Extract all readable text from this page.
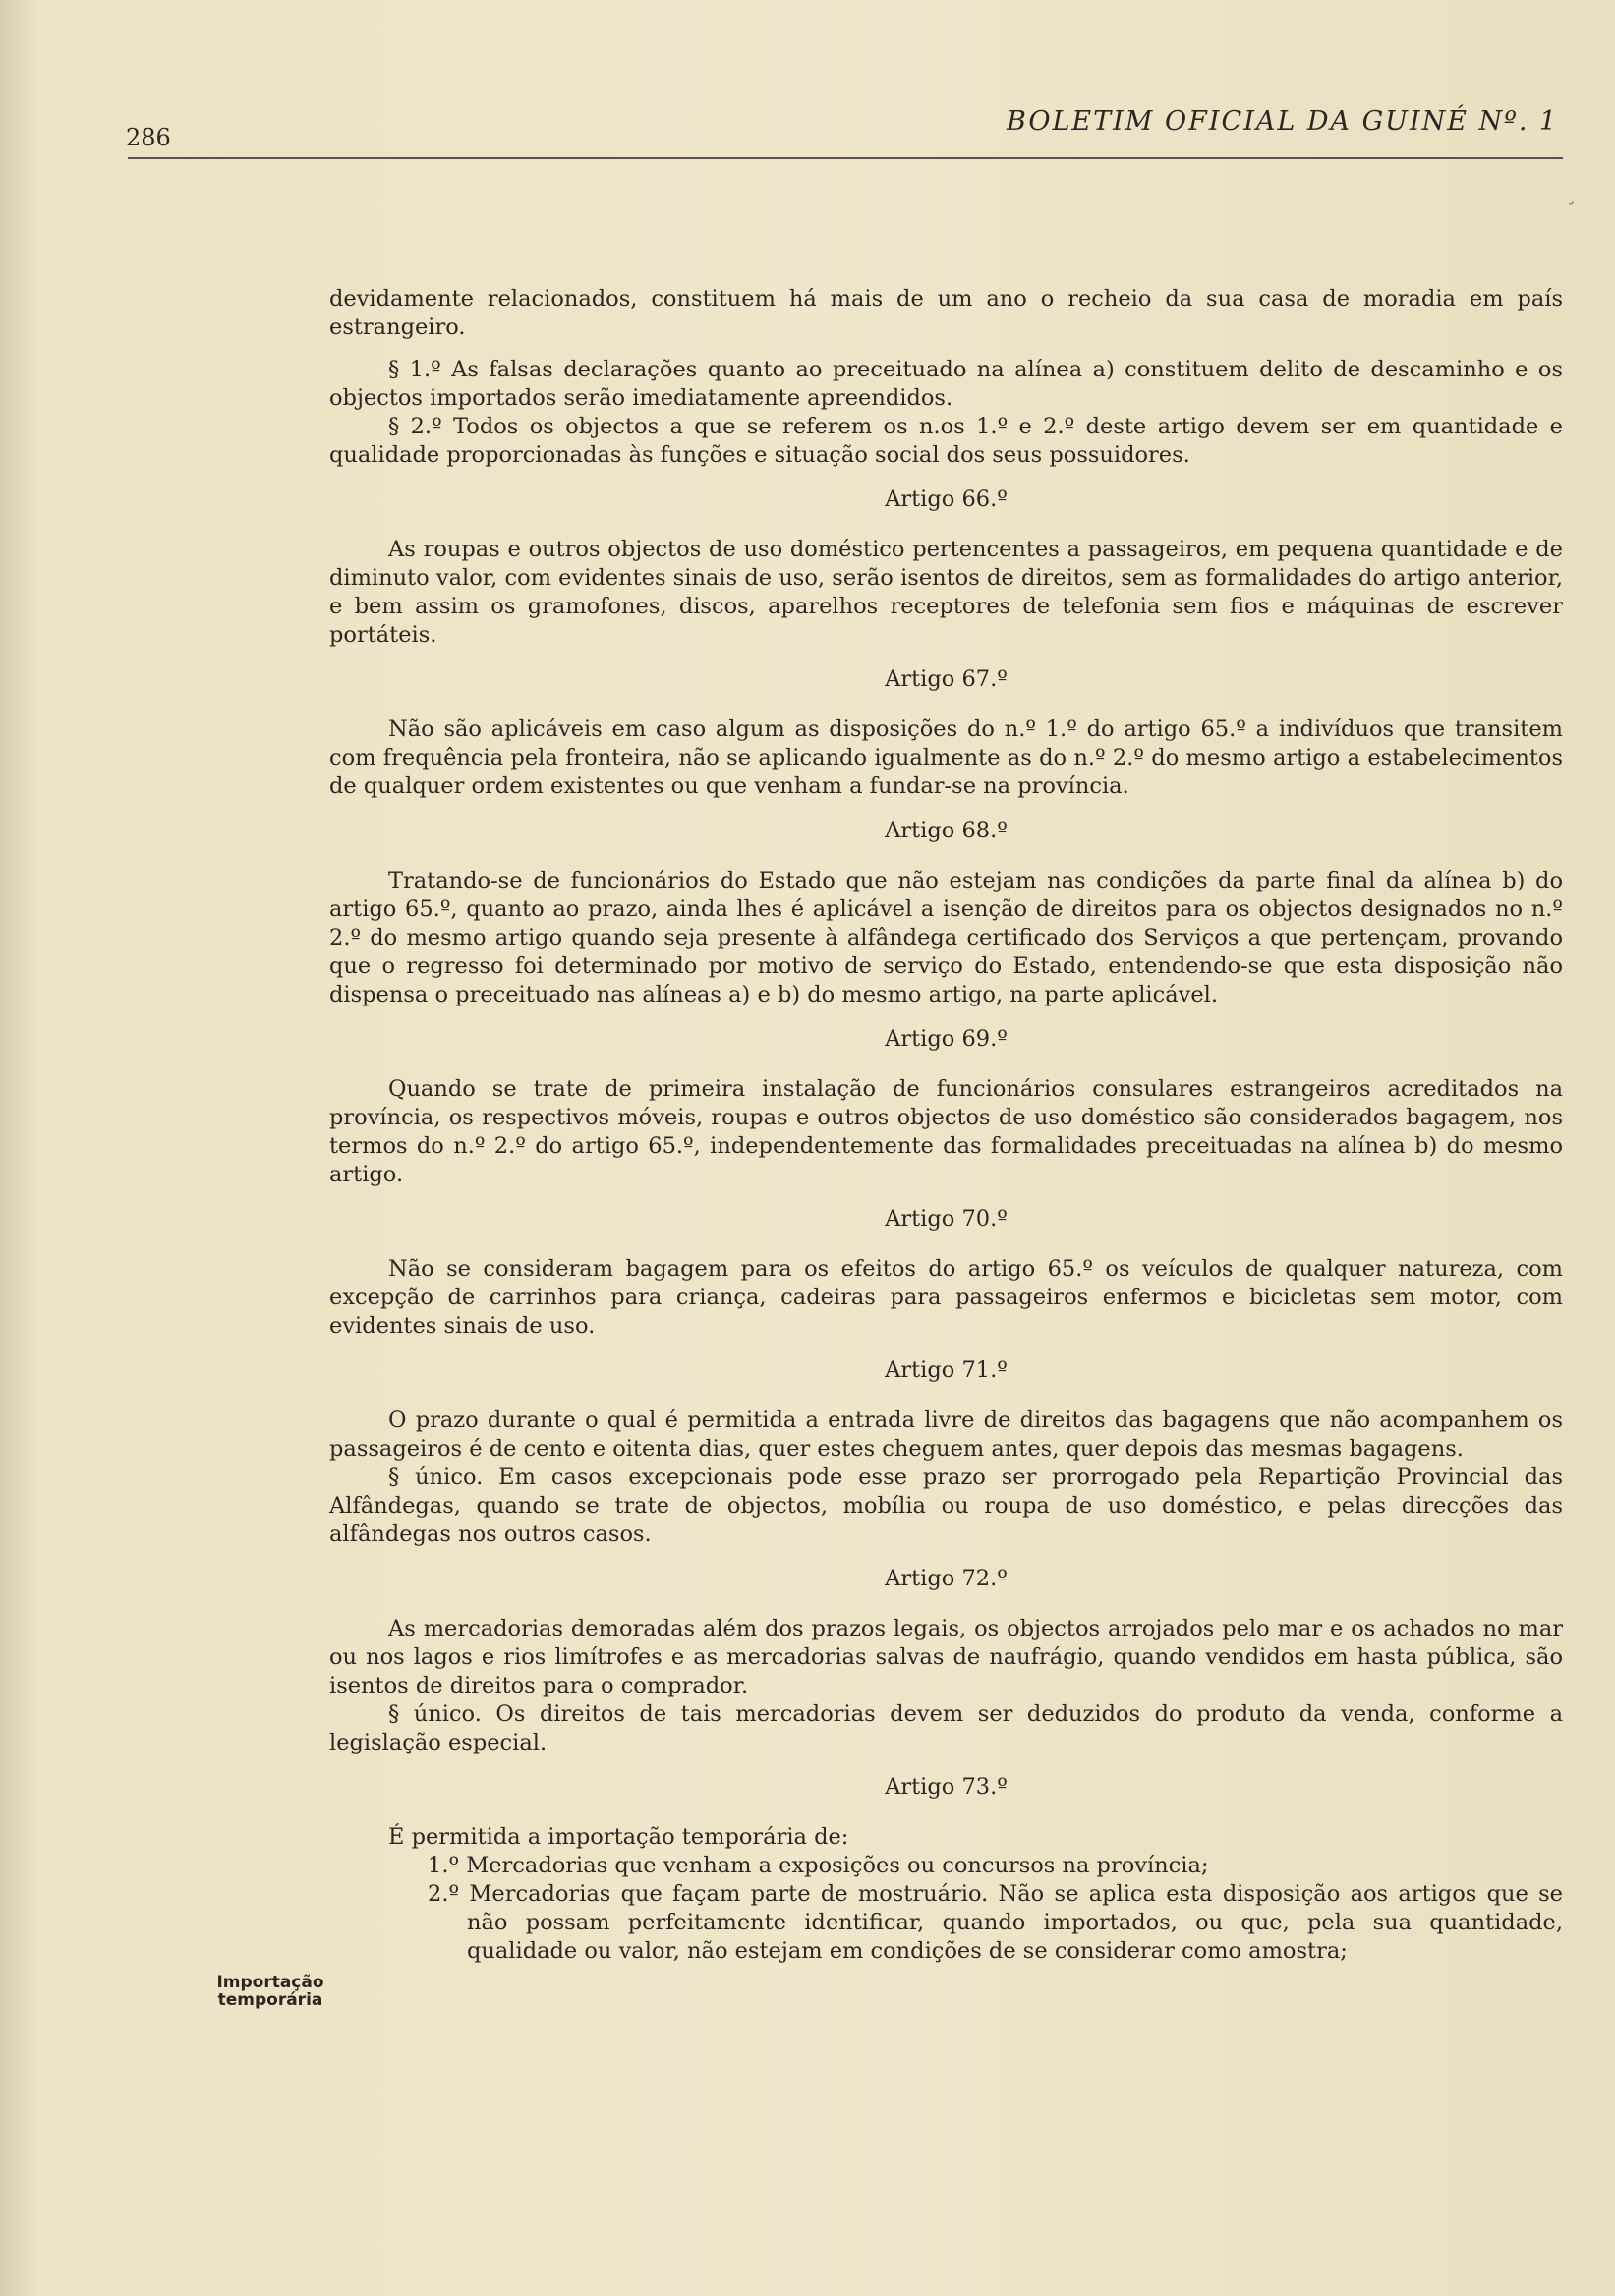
286
BOLETIM OFICIAL DA GUINÉ Nº. 1
¸
Importação temporária

devidamente relacionados, constituem há mais de um ano o recheio da sua casa de moradia em país estrangeiro.

§ 1.º As falsas declarações quanto ao preceituado na alínea a) constituem delito de descaminho e os objectos importados serão imediatamente apreendidos.

§ 2.º Todos os objectos a que se referem os n.os 1.º e 2.º deste artigo devem ser em quantidade e qualidade proporcionadas às funções e situação social dos seus possuidores.

Artigo 66.º

As roupas e outros objectos de uso doméstico pertencentes a passageiros, em pequena quantidade e de diminuto valor, com evidentes sinais de uso, serão isentos de direitos, sem as formalidades do artigo anterior, e bem assim os gramofones, discos, aparelhos receptores de telefonia sem fios e máquinas de escrever portáteis.

Artigo 67.º

Não são aplicáveis em caso algum as disposições do n.º 1.º do artigo 65.º a indivíduos que transitem com frequência pela fronteira, não se aplicando igualmente as do n.º 2.º do mesmo artigo a estabelecimentos de qualquer ordem existentes ou que venham a fundar-se na província.

Artigo 68.º

Tratando-se de funcionários do Estado que não estejam nas condições da parte final da alínea b) do artigo 65.º, quanto ao prazo, ainda lhes é aplicável a isenção de direitos para os objectos designados no n.º 2.º do mesmo artigo quando seja presente à alfândega certificado dos Serviços a que pertençam, provando que o regresso foi determinado por motivo de serviço do Estado, entendendo-se que esta disposição não dispensa o preceituado nas alíneas a) e b) do mesmo artigo, na parte aplicável.

Artigo 69.º

Quando se trate de primeira instalação de funcionários consulares estrangeiros acreditados na província, os respectivos móveis, roupas e outros objectos de uso doméstico são considerados bagagem, nos termos do n.º 2.º do artigo 65.º, independentemente das formalidades preceituadas na alínea b) do mesmo artigo.

Artigo 70.º

Não se consideram bagagem para os efeitos do artigo 65.º os veículos de qualquer natureza, com excepção de carrinhos para criança, cadeiras para passageiros enfermos e bicicletas sem motor, com evidentes sinais de uso.

Artigo 71.º

O prazo durante o qual é permitida a entrada livre de direitos das bagagens que não acompanhem os passageiros é de cento e oitenta dias, quer estes cheguem antes, quer depois das mesmas bagagens.

§ único. Em casos excepcionais pode esse prazo ser prorrogado pela Repartição Provincial das Alfândegas, quando se trate de objectos, mobília ou roupa de uso doméstico, e pelas direcções das alfândegas nos outros casos.

Artigo 72.º

As mercadorias demoradas além dos prazos legais, os objectos arrojados pelo mar e os achados no mar ou nos lagos e rios limítrofes e as mercadorias salvas de naufrágio, quando vendidos em hasta pública, são isentos de direitos para o comprador.

§ único. Os direitos de tais mercadorias devem ser deduzidos do produto da venda, conforme a legislação especial.

Artigo 73.º

É permitida a importação temporária de:

1.º Mercadorias que venham a exposições ou concursos na província;

2.º Mercadorias que façam parte de mostruário. Não se aplica esta disposição aos artigos que se não possam perfeitamente identificar, quando importados, ou que, pela sua quantidade, qualidade ou valor, não estejam em condições de se considerar como amostra;
